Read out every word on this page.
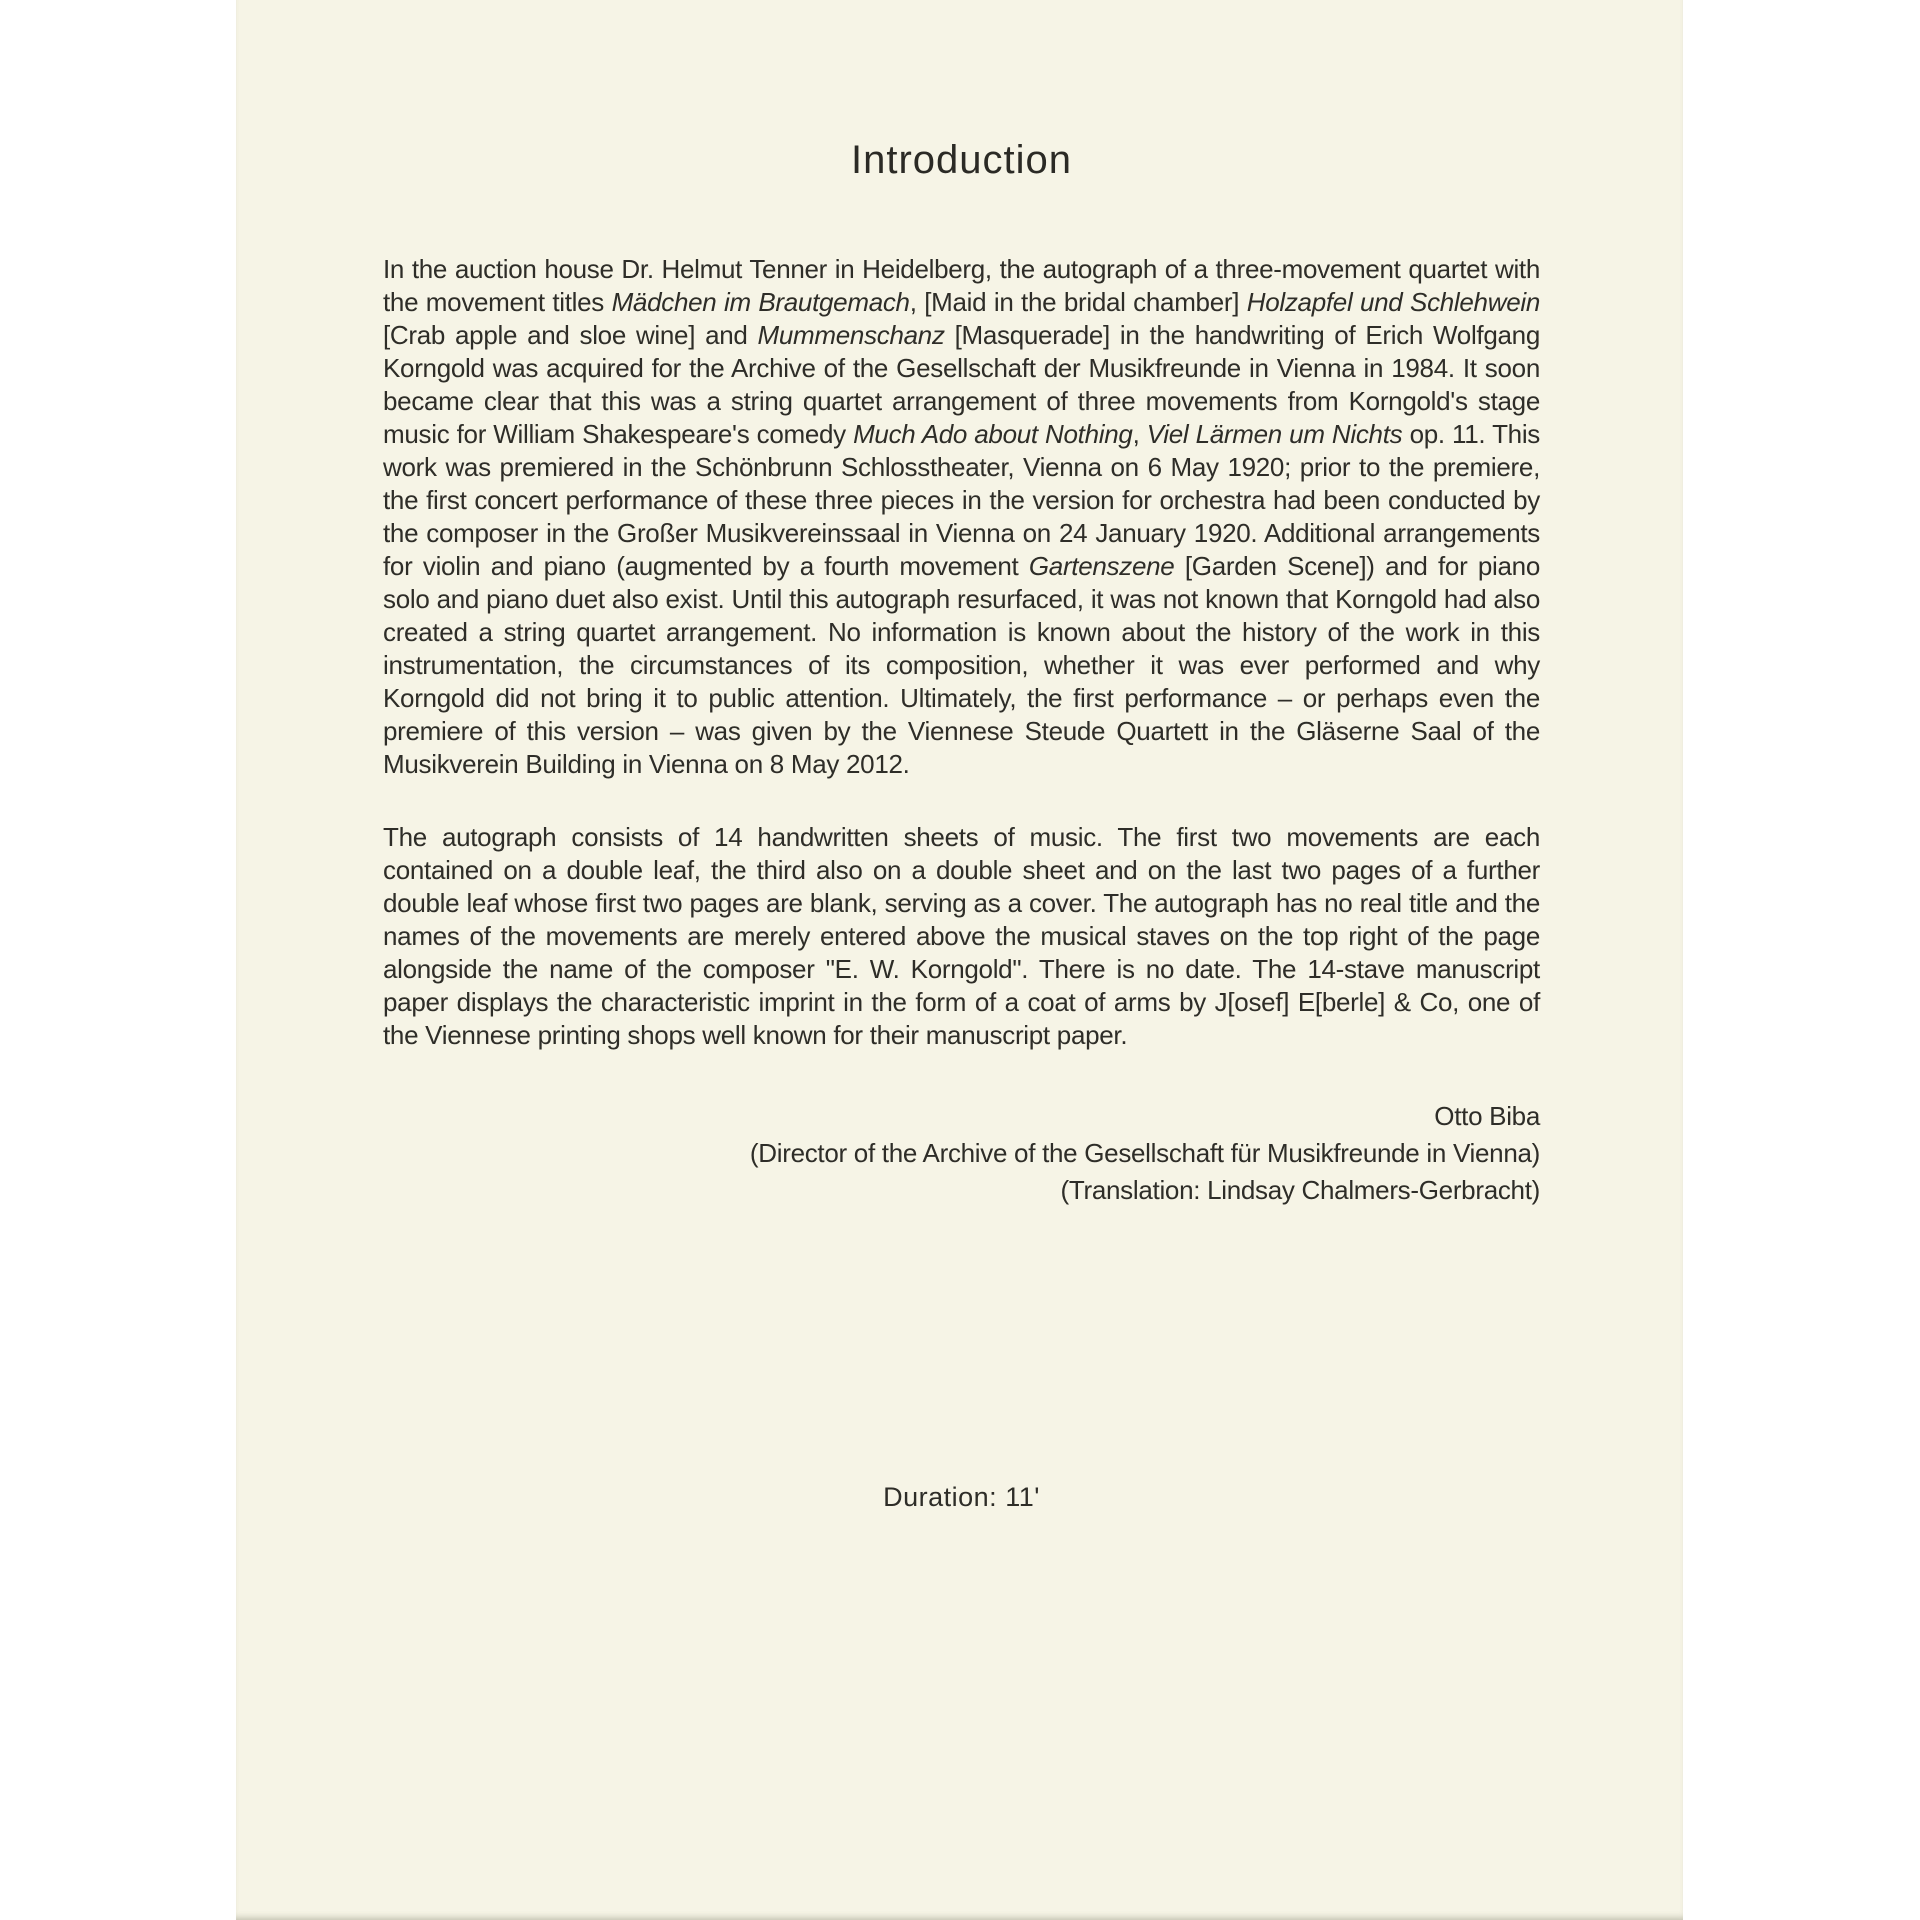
Introduction

In the auction house Dr. Helmut Tenner in Heidelberg, the autograph of a three-movement quartet with the movement titles Mädchen im Brautgemach, [Maid in the bridal chamber] Holzapfel und Schlehwein [Crab apple and sloe wine] and Mummenschanz [Masquerade] in the handwriting of Erich Wolfgang Korngold was acquired for the Archive of the Gesellschaft der Musikfreunde in Vienna in 1984. It soon became clear that this was a string quartet arrangement of three movements from Korngold's stage music for William Shakespeare's comedy Much Ado about Nothing, Viel Lärmen um Nichts op. 11. This work was premiered in the Schönbrunn Schlosstheater, Vienna on 6 May 1920; prior to the premiere, the first concert performance of these three pieces in the version for orchestra had been conducted by the composer in the Großer Musikvereinssaal in Vienna on 24 January 1920. Additional arrangements for violin and piano (augmented by a fourth movement Gartenszene [Garden Scene]) and for piano solo and piano duet also exist. Until this autograph resurfaced, it was not known that Korngold had also created a string quartet arrangement. No information is known about the history of the work in this instrumentation, the circumstances of its composition, whether it was ever performed and why Korngold did not bring it to public attention. Ultimately, the first performance – or perhaps even the premiere of this version – was given by the Viennese Steude Quartett in the Gläserne Saal of the Musikverein Building in Vienna on 8 May 2012.

The autograph consists of 14 handwritten sheets of music. The first two movements are each contained on a double leaf, the third also on a double sheet and on the last two pages of a further double leaf whose first two pages are blank, serving as a cover. The autograph has no real title and the names of the movements are merely entered above the musical staves on the top right of the page alongside the name of the composer "E. W. Korngold". There is no date. The 14-stave manuscript paper displays the characteristic imprint in the form of a coat of arms by J[osef] E[berle] & Co, one of the Viennese printing shops well known for their manuscript paper.

Otto Biba
(Director of the Archive of the Gesellschaft für Musikfreunde in Vienna)
(Translation: Lindsay Chalmers-Gerbracht)
Duration: 11'
